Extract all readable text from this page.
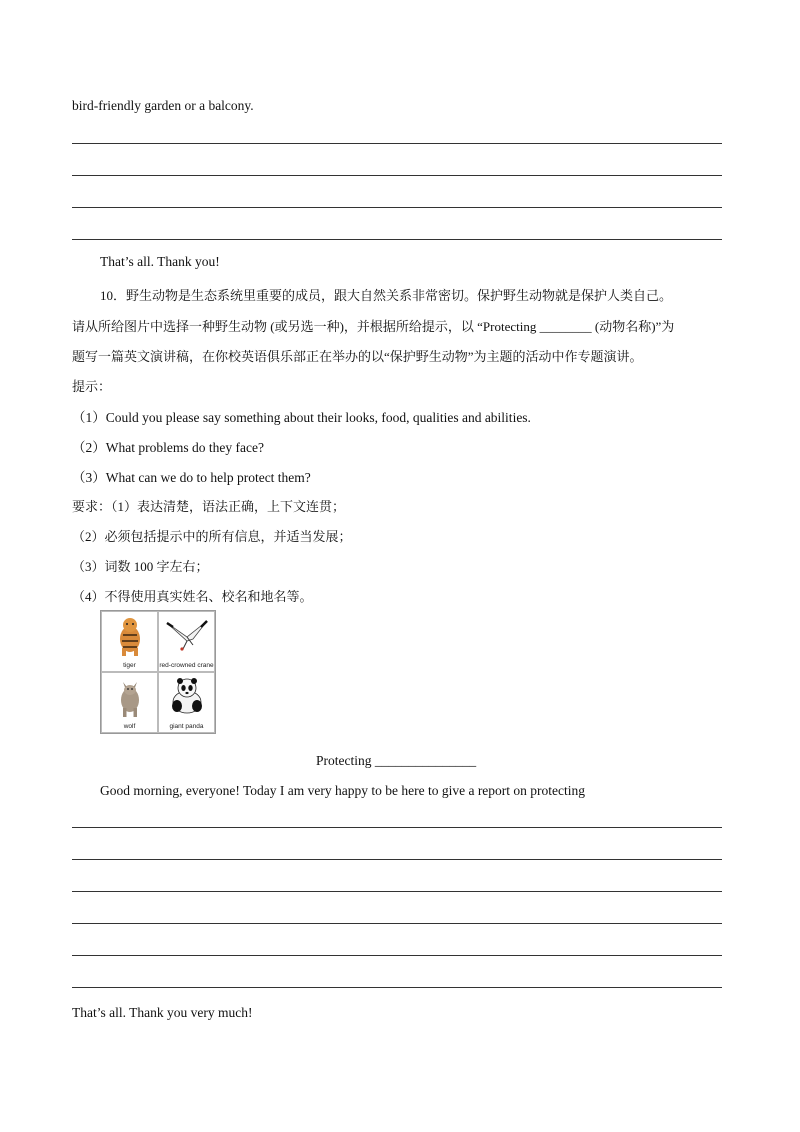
bird-friendly garden or a balcony.
That’s all. Thank you!
10．野生动物是生态系统里重要的成员，跟大自然关系非常密切。保护野生动物就是保护人类自己。
请从所给图片中选择一种野生动物 (或另选一种)，并根据所给提示，以 “Protecting ________ (动物名称)”为
题写一篇英文演讲稿，在你校英语俱乐部正在举办的以“保护野生动物”为主题的活动中作专题演讲。
提示：
（1）Could you please say something about their looks, food, qualities and abilities.
（2）What problems do they face?
（3）What can we do to help protect them?
要求：（1）表达清楚，语法正确，上下文连贯；
（2）必须包括提示中的所有信息，并适当发展；
（3）词数 100 字左右；
（4）不得使用真实姓名、校名和地名等。
tiger	red-crowned crane
wolf	giant panda
Protecting _______________
Good morning, everyone! Today I am very happy to be here to give a report on protecting
That’s all. Thank you very much!
